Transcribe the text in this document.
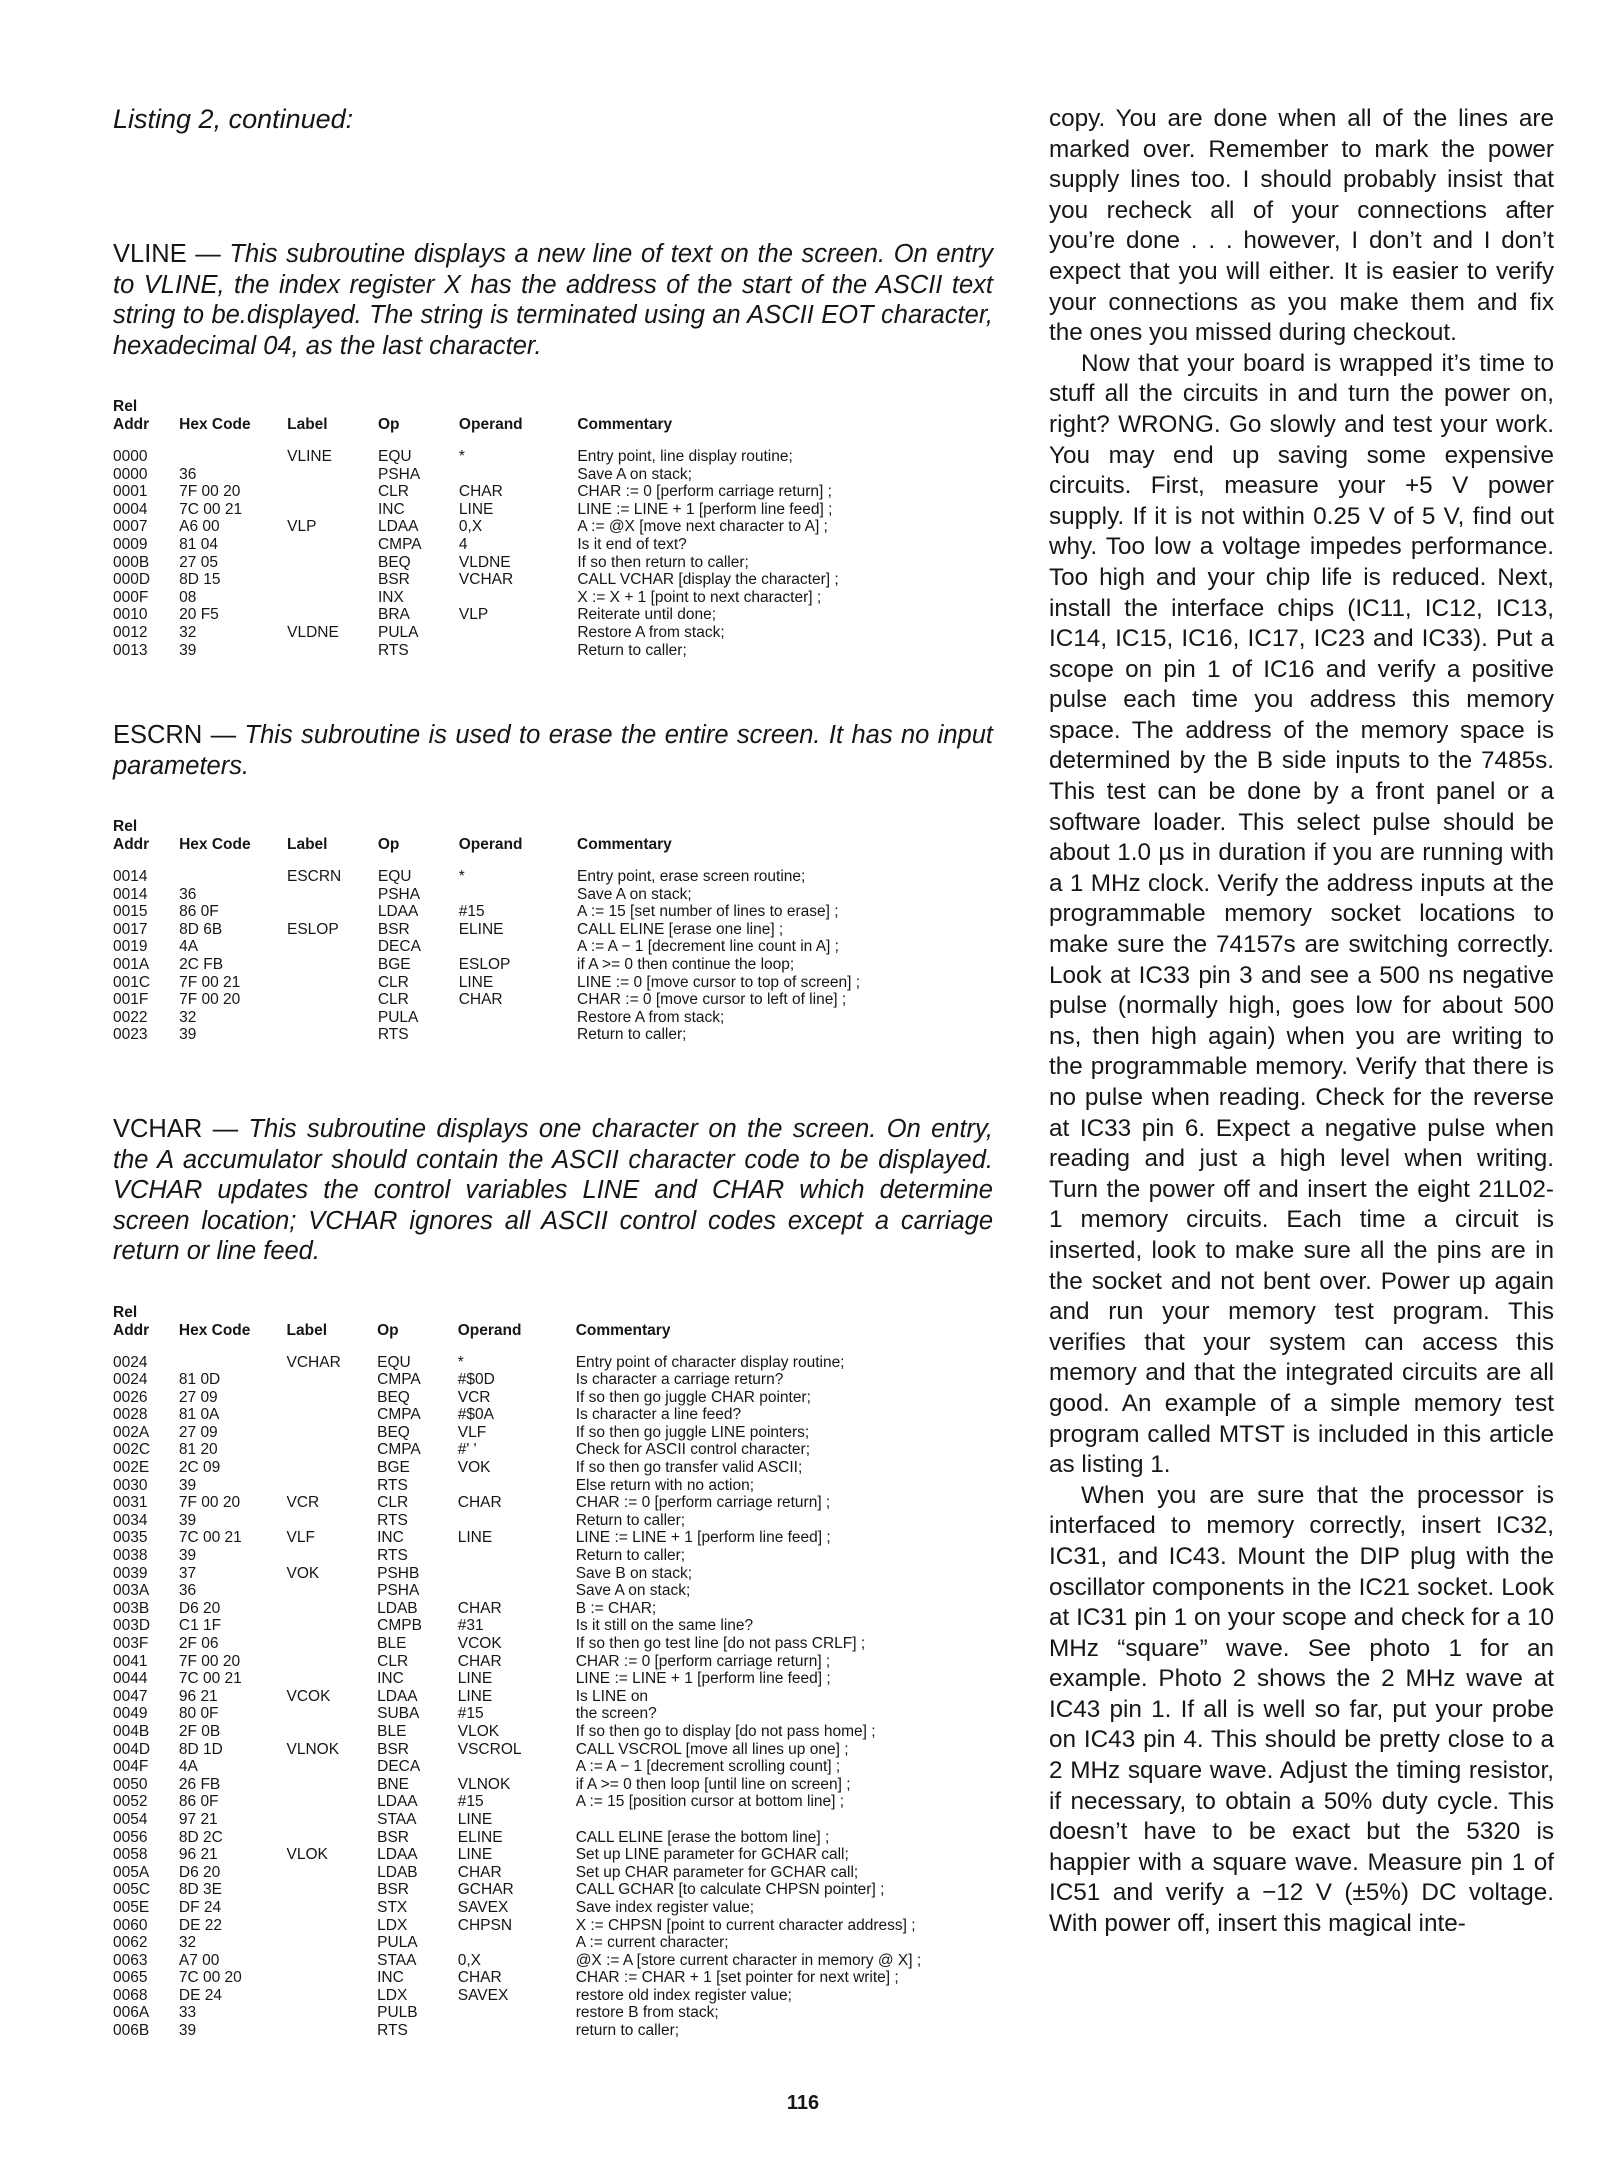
Listing 2, continued:

VLINE — This subroutine displays a new line of text on the screen. On entry to VLINE, the index register X has the address of the start of the ASCII text string to be.displayed. The string is terminated using an ASCII EOT character, hexadecimal 04, as the last character.

Rel					
Addr	Hex Code	Label	Op	Operand	Commentary
0000		VLINE	EQU	*	Entry point, line display routine;
0000	36		PSHA		Save A on stack;
0001	7F 00 20		CLR	CHAR	CHAR := 0 [perform carriage return] ;
0004	7C 00 21		INC	LINE	LINE := LINE + 1 [perform line feed] ;
0007	A6 00	VLP	LDAA	0,X	A := @X [move next character to A] ;
0009	81 04		CMPA	4	Is it end of text?
000B	27 05		BEQ	VLDNE	If so then return to caller;
000D	8D 15		BSR	VCHAR	CALL VCHAR [display the character] ;
000F	08		INX		X := X + 1 [point to next character] ;
0010	20 F5		BRA	VLP	Reiterate until done;
0012	32	VLDNE	PULA		Restore A from stack;
0013	39		RTS		Return to caller;

ESCRN — This subroutine is used to erase the entire screen. It has no input parameters.

Rel					
Addr	Hex Code	Label	Op	Operand	Commentary
0014		ESCRN	EQU	*	Entry point, erase screen routine;
0014	36		PSHA		Save A on stack;
0015	86 0F		LDAA	#15	A := 15 [set number of lines to erase] ;
0017	8D 6B	ESLOP	BSR	ELINE	CALL ELINE [erase one line] ;
0019	4A		DECA		A := A − 1 [decrement line count in A] ;
001A	2C FB		BGE	ESLOP	if A >= 0 then continue the loop;
001C	7F 00 21		CLR	LINE	LINE := 0 [move cursor to top of screen] ;
001F	7F 00 20		CLR	CHAR	CHAR := 0 [move cursor to left of line] ;
0022	32		PULA		Restore A from stack;
0023	39		RTS		Return to caller;

VCHAR — This subroutine displays one character on the screen. On entry, the A accumulator should contain the ASCII character code to be displayed. VCHAR updates the control variables LINE and CHAR which determine screen location; VCHAR ignores all ASCII control codes except a carriage return or line feed.

Rel					
Addr	Hex Code	Label	Op	Operand	Commentary
0024		VCHAR	EQU	*	Entry point of character display routine;
0024	81 0D		CMPA	#$0D	Is character a carriage return?
0026	27 09		BEQ	VCR	If so then go juggle CHAR pointer;
0028	81 0A		CMPA	#$0A	Is character a line feed?
002A	27 09		BEQ	VLF	If so then go juggle LINE pointers;
002C	81 20		CMPA	#' '	Check for ASCII control character;
002E	2C 09		BGE	VOK	If so then go transfer valid ASCII;
0030	39		RTS		Else return with no action;
0031	7F 00 20	VCR	CLR	CHAR	CHAR := 0 [perform carriage return] ;
0034	39		RTS		Return to caller;
0035	7C 00 21	VLF	INC	LINE	LINE := LINE + 1 [perform line feed] ;
0038	39		RTS		Return to caller;
0039	37	VOK	PSHB		Save B on stack;
003A	36		PSHA		Save A on stack;
003B	D6 20		LDAB	CHAR	B := CHAR;
003D	C1 1F		CMPB	#31	Is it still on the same line?
003F	2F 06		BLE	VCOK	If so then go test line [do not pass CRLF] ;
0041	7F 00 20		CLR	CHAR	CHAR := 0 [perform carriage return] ;
0044	7C 00 21		INC	LINE	LINE := LINE + 1 [perform line feed] ;
0047	96 21	VCOK	LDAA	LINE	Is LINE on
0049	80 0F		SUBA	#15	the screen?
004B	2F 0B		BLE	VLOK	If so then go to display [do not pass home] ;
004D	8D 1D	VLNOK	BSR	VSCROL	CALL VSCROL [move all lines up one] ;
004F	4A		DECA		A := A − 1 [decrement scrolling count] ;
0050	26 FB		BNE	VLNOK	if A >= 0 then loop [until line on screen] ;
0052	86 0F		LDAA	#15	A := 15 [position cursor at bottom line] ;
0054	97 21		STAA	LINE	
0056	8D 2C		BSR	ELINE	CALL ELINE [erase the bottom line] ;
0058	96 21	VLOK	LDAA	LINE	Set up LINE parameter for GCHAR call;
005A	D6 20		LDAB	CHAR	Set up CHAR parameter for GCHAR call;
005C	8D 3E		BSR	GCHAR	CALL GCHAR [to calculate CHPSN pointer] ;
005E	DF 24		STX	SAVEX	Save index register value;
0060	DE 22		LDX	CHPSN	X := CHPSN [point to current character address] ;
0062	32		PULA		A := current character;
0063	A7 00		STAA	0,X	@X := A [store current character in memory @ X] ;
0065	7C 00 20		INC	CHAR	CHAR := CHAR + 1 [set pointer for next write] ;
0068	DE 24		LDX	SAVEX	restore old index register value;
006A	33		PULB		restore B from stack;
006B	39		RTS		return to caller;

copy. You are done when all of the lines are marked over. Remember to mark the power supply lines too. I should probably insist that you recheck all of your connections after you’re done . . . however, I don’t and I don’t expect that you will either. It is easier to verify your connections as you make them and fix the ones you missed during checkout.

Now that your board is wrapped it’s time to stuff all the circuits in and turn the power on, right? WRONG. Go slowly and test your work. You may end up saving some expensive circuits. First, measure your +5 V power supply. If it is not within 0.25 V of 5 V, find out why. Too low a voltage impedes performance. Too high and your chip life is reduced. Next, install the interface chips (IC11, IC12, IC13, IC14, IC15, IC16, IC17, IC23 and IC33). Put a scope on pin 1 of IC16 and verify a positive pulse each time you address this memory space. The address of the memory space is determined by the B side inputs to the 7485s. This test can be done by a front panel or a software loader. This select pulse should be about 1.0 µs in duration if you are running with a 1 MHz clock. Verify the address inputs at the programmable memory socket locations to make sure the 74157s are switching correctly. Look at IC33 pin 3 and see a 500 ns negative pulse (normally high, goes low for about 500 ns, then high again) when you are writing to the programmable memory. Verify that there is no pulse when reading. Check for the reverse at IC33 pin 6. Expect a negative pulse when reading and just a high level when writing. Turn the power off and insert the eight 21L02-1 memory circuits. Each time a circuit is inserted, look to make sure all the pins are in the socket and not bent over. Power up again and run your memory test program. This verifies that your system can access this memory and that the integrated circuits are all good. An example of a simple memory test program called MTST is included in this article as listing 1.

When you are sure that the processor is interfaced to memory correctly, insert IC32, IC31, and IC43. Mount the DIP plug with the oscillator components in the IC21 socket. Look at IC31 pin 1 on your scope and check for a 10 MHz “square” wave. See photo 1 for an example. Photo 2 shows the 2 MHz wave at IC43 pin 1. If all is well so far, put your probe on IC43 pin 4. This should be pretty close to a 2 MHz square wave. Adjust the timing resistor, if necessary, to obtain a 50% duty cycle. This doesn’t have to be exact but the 5320 is happier with a square wave. Measure pin 1 of IC51 and verify a −12 V (±5%) DC voltage. With power off, insert this magical inte-

116
